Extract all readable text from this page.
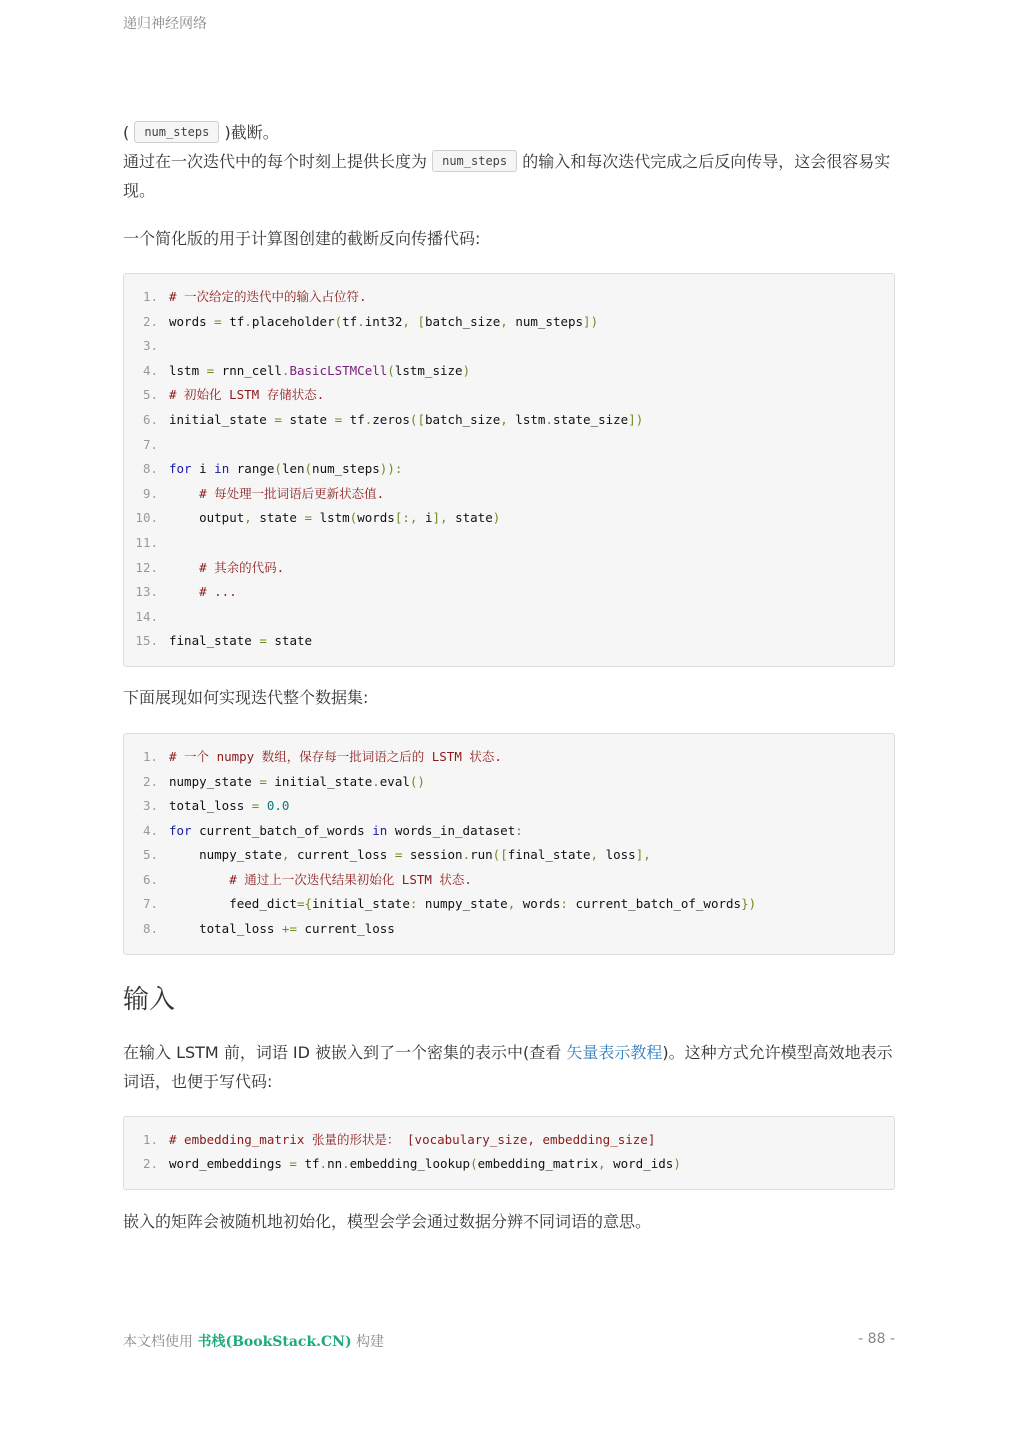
递归神经网络

( num_steps )截断。

通过在一次迭代中的每个时刻上提供长度为 num_steps 的输入和每次迭代完成之后反向传导，这会很容易实现。

一个简化版的用于计算图创建的截断反向传播代码:

1. # 一次给定的迭代中的输入占位符.
2. words = tf.placeholder(tf.int32, [batch_size, num_steps])
3.
4. lstm = rnn_cell.BasicLSTMCell(lstm_size)
5. # 初始化 LSTM 存储状态.
6. initial_state = state = tf.zeros([batch_size, lstm.state_size])
7.
8. for i in range(len(num_steps)):
9.	# 每处理一批词语后更新状态值.
10.	output, state = lstm(words[:, i], state)
11.
12.	# 其余的代码.
13.	# ...
14.
15. final_state = state

下面展现如何实现迭代整个数据集:

1. # 一个 numpy 数组，保存每一批词语之后的 LSTM 状态.
2. numpy_state = initial_state.eval()
3. total_loss = 0.0
4. for current_batch_of_words in words_in_dataset:
5.	numpy_state, current_loss = session.run([final_state, loss],
6.	# 通过上一次迭代结果初始化 LSTM 状态.
7.	feed_dict={initial_state: numpy_state, words: current_batch_of_words})
8.	total_loss += current_loss
输入

在输入 LSTM 前，词语 ID 被嵌入到了一个密集的表示中(查看 矢量表示教程)。这种方式允许模型高效地表示词语，也便于写代码:

1. # embedding_matrix 张量的形状是： [vocabulary_size, embedding_size]
2. word_embeddings = tf.nn.embedding_lookup(embedding_matrix, word_ids)

嵌入的矩阵会被随机地初始化，模型会学会通过数据分辨不同词语的意思。

本文档使用 书栈(BookStack.CN) 构建	- 88 -
